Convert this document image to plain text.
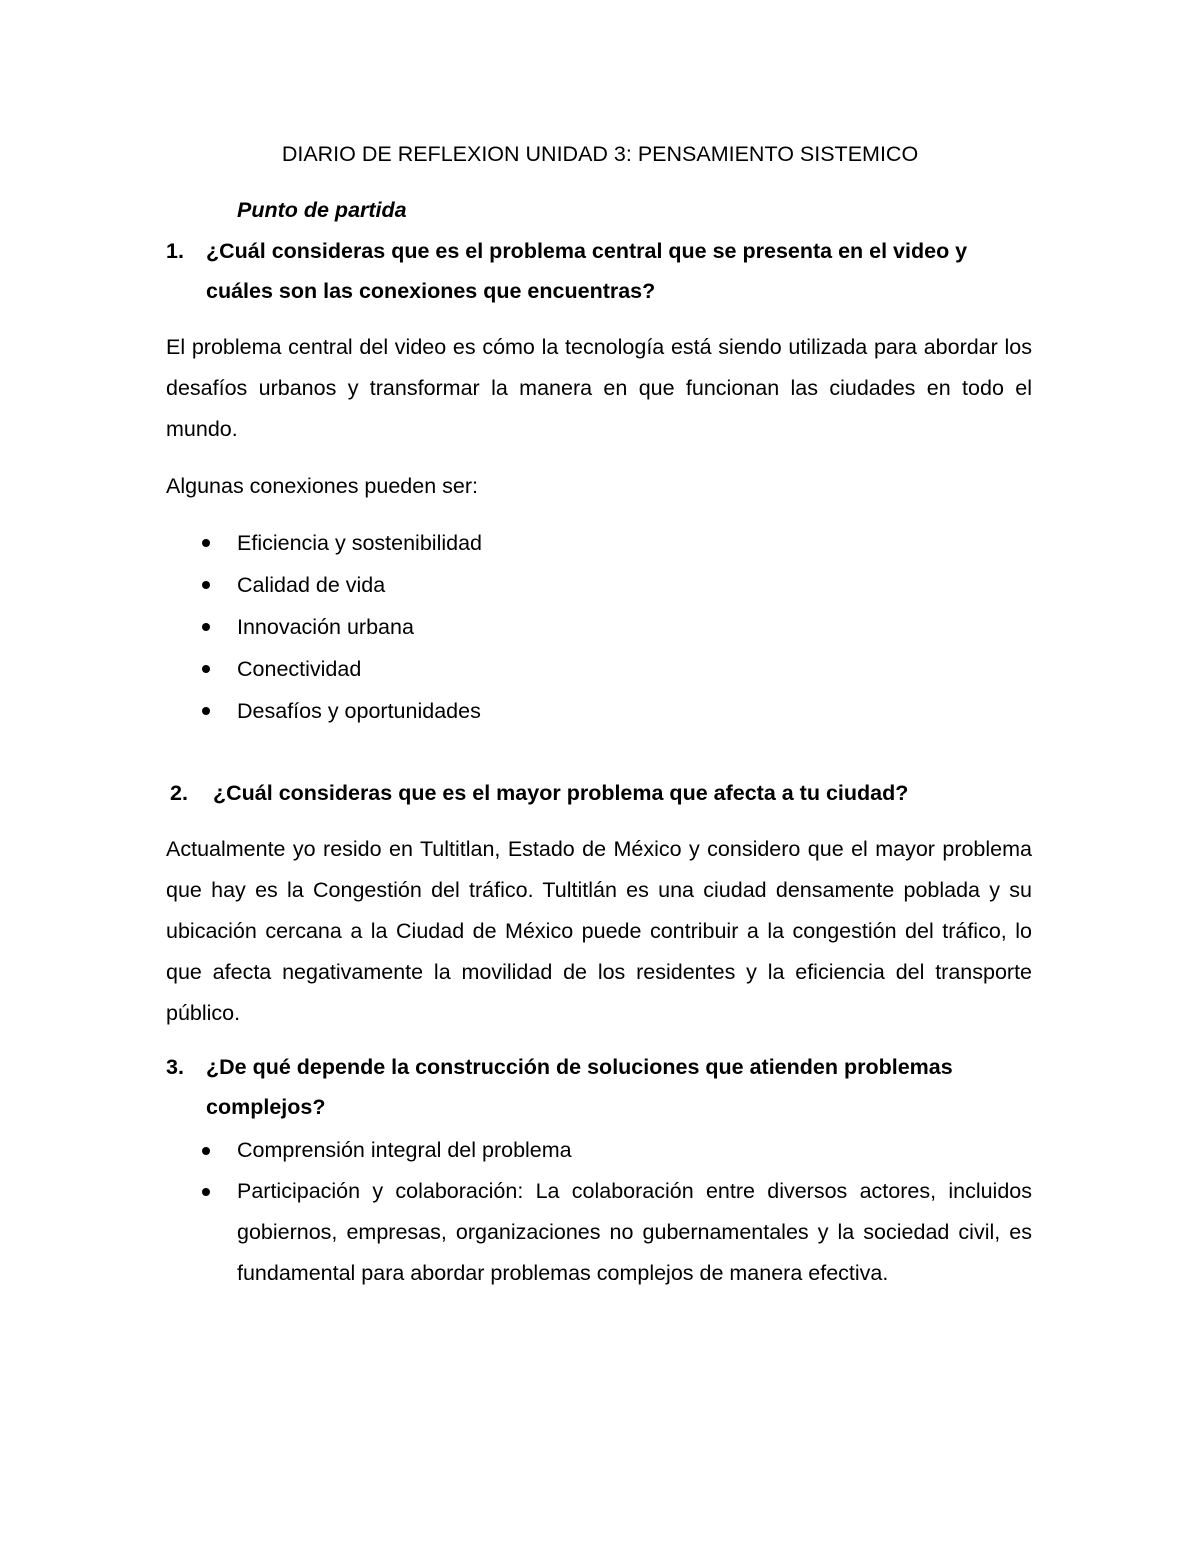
DIARIO DE REFLEXION UNIDAD 3: PENSAMIENTO SISTEMICO
Punto de partida
1.	¿Cuál consideras que es el problema central que se presenta en el video y cuáles son las conexiones que encuentras?
El problema central del video es cómo la tecnología está siendo utilizada para abordar los desafíos urbanos y transformar la manera en que funcionan las ciudades en todo el mundo.
Algunas conexiones pueden ser:
Eficiencia y sostenibilidad
Calidad de vida
Innovación urbana
Conectividad
Desafíos y oportunidades
2.	¿Cuál consideras que es el mayor problema que afecta a tu ciudad?
Actualmente yo resido en Tultitlan, Estado de México y considero que el mayor problema que hay es la Congestión del tráfico. Tultitlán es una ciudad densamente poblada y su ubicación cercana a la Ciudad de México puede contribuir a la congestión del tráfico, lo que afecta negativamente la movilidad de los residentes y la eficiencia del transporte público.
3.	¿De qué depende la construcción de soluciones que atienden problemas complejos?
Comprensión integral del problema
Participación y colaboración: La colaboración entre diversos actores, incluidos gobiernos, empresas, organizaciones no gubernamentales y la sociedad civil, es fundamental para abordar problemas complejos de manera efectiva.
